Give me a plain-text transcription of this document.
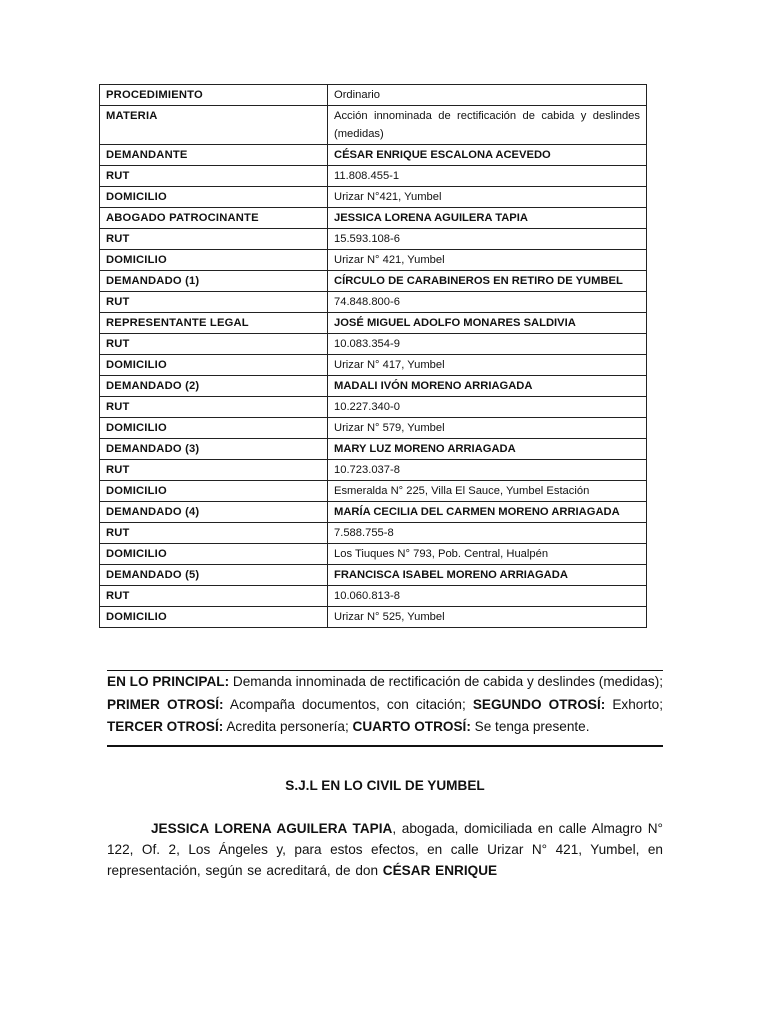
PROCEDIMIENTO	Ordinario
MATERIA	Acción innominada de rectificación de cabida y deslindes (medidas)
DEMANDANTE	CÉSAR ENRIQUE ESCALONA ACEVEDO
RUT	11.808.455-1
DOMICILIO	Urizar N°421, Yumbel
ABOGADO PATROCINANTE	JESSICA LORENA AGUILERA TAPIA
RUT	15.593.108-6
DOMICILIO	Urizar N° 421, Yumbel
DEMANDADO (1)	CÍRCULO DE CARABINEROS EN RETIRO DE YUMBEL
RUT	74.848.800-6
REPRESENTANTE LEGAL	JOSÉ MIGUEL ADOLFO MONARES SALDIVIA
RUT	10.083.354-9
DOMICILIO	Urizar N° 417, Yumbel
DEMANDADO (2)	MADALI IVÓN MORENO ARRIAGADA
RUT	10.227.340-0
DOMICILIO	Urizar N° 579, Yumbel
DEMANDADO (3)	MARY LUZ MORENO ARRIAGADA
RUT	10.723.037-8
DOMICILIO	Esmeralda N° 225, Villa El Sauce, Yumbel Estación
DEMANDADO (4)	MARÍA CECILIA DEL CARMEN MORENO ARRIAGADA
RUT	7.588.755-8
DOMICILIO	Los Tiuques N° 793, Pob. Central, Hualpén
DEMANDADO (5)	FRANCISCA ISABEL MORENO ARRIAGADA
RUT	10.060.813-8
DOMICILIO	Urizar N° 525, Yumbel
EN LO PRINCIPAL: Demanda innominada de rectificación de cabida y deslindes (medidas); PRIMER OTROSÍ: Acompaña documentos, con citación; SEGUNDO OTROSÍ: Exhorto; TERCER OTROSÍ: Acredita personería; CUARTO OTROSÍ: Se tenga presente.
S.J.L EN LO CIVIL DE YUMBEL
JESSICA LORENA AGUILERA TAPIA, abogada, domiciliada en calle Almagro N° 122, Of. 2, Los Ángeles y, para estos efectos, en calle Urizar N° 421, Yumbel, en representación, según se acreditará, de don CÉSAR ENRIQUE
